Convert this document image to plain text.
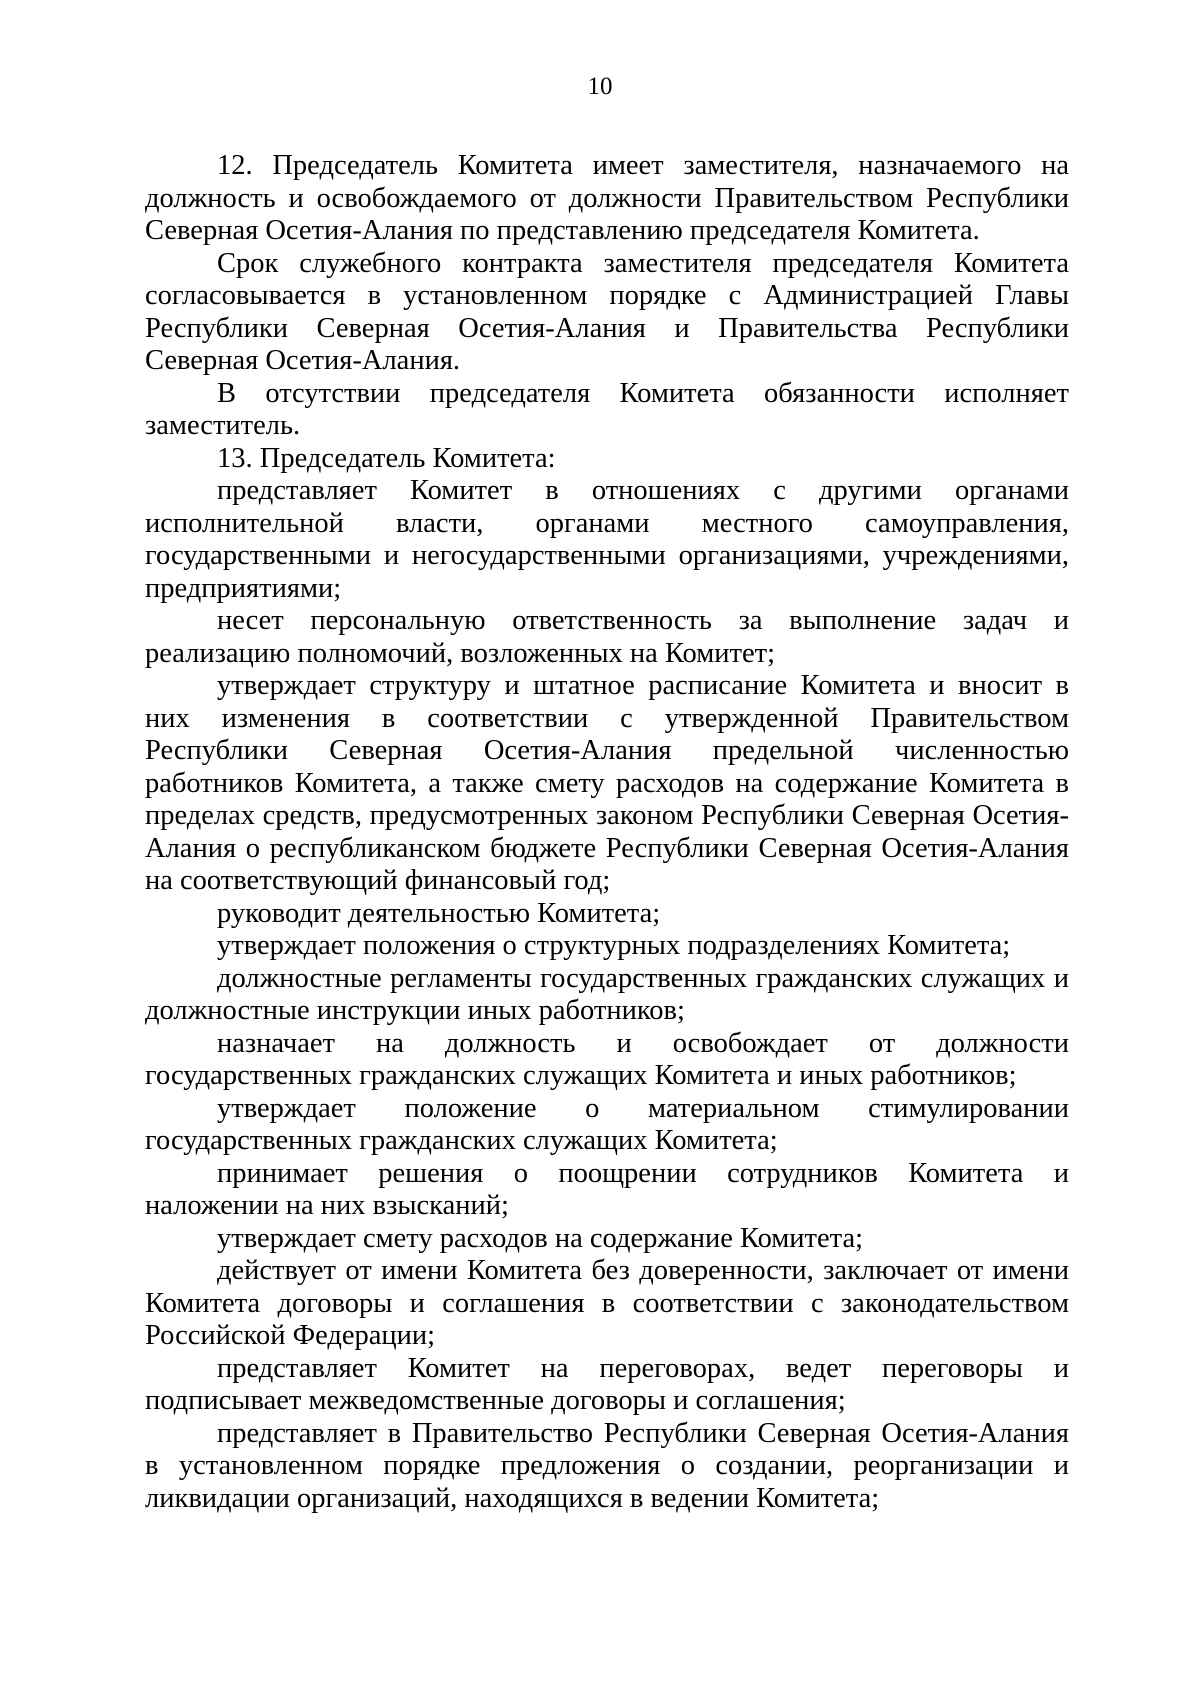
10

12. Председатель Комитета имеет заместителя, назначаемого на должность и освобождаемого от должности Правительством Республики Северная Осетия-Алания по представлению председателя Комитета.

Срок служебного контракта заместителя председателя Комитета согласовывается в установленном порядке с Администрацией Главы Республики Северная Осетия-Алания и Правительства Республики Северная Осетия-Алания.

В отсутствии председателя Комитета обязанности исполняет заместитель.

13. Председатель Комитета:

представляет Комитет в отношениях с другими органами исполнительной власти, органами местного самоуправления, государственными и негосударственными организациями, учреждениями, предприятиями;

несет персональную ответственность за выполнение задач и реализацию полномочий, возложенных на Комитет;

утверждает структуру и штатное расписание Комитета и вносит в них изменения в соответствии с утвержденной Правительством Республики Северная Осетия-Алания предельной численностью работников Комитета, а также смету расходов на содержание Комитета в пределах средств, предусмотренных законом Республики Северная Осетия-Алания о республиканском бюджете Республики Северная Осетия-Алания на соответствующий финансовый год;

руководит деятельностью Комитета;

утверждает положения о структурных подразделениях Комитета;

должностные регламенты государственных гражданских служащих и должностные инструкции иных работников;

назначает на должность и освобождает от должности государственных гражданских служащих Комитета и иных работников;

утверждает положение о материальном стимулировании государственных гражданских служащих Комитета;

принимает решения о поощрении сотрудников Комитета и наложении на них взысканий;

утверждает смету расходов на содержание Комитета;

действует от имени Комитета без доверенности, заключает от имени Комитета договоры и соглашения в соответствии с законодательством Российской Федерации;

представляет Комитет на переговорах, ведет переговоры и подписывает межведомственные договоры и соглашения;

представляет в Правительство Республики Северная Осетия-Алания в установленном порядке предложения о создании, реорганизации и ликвидации организаций, находящихся в ведении Комитета;
